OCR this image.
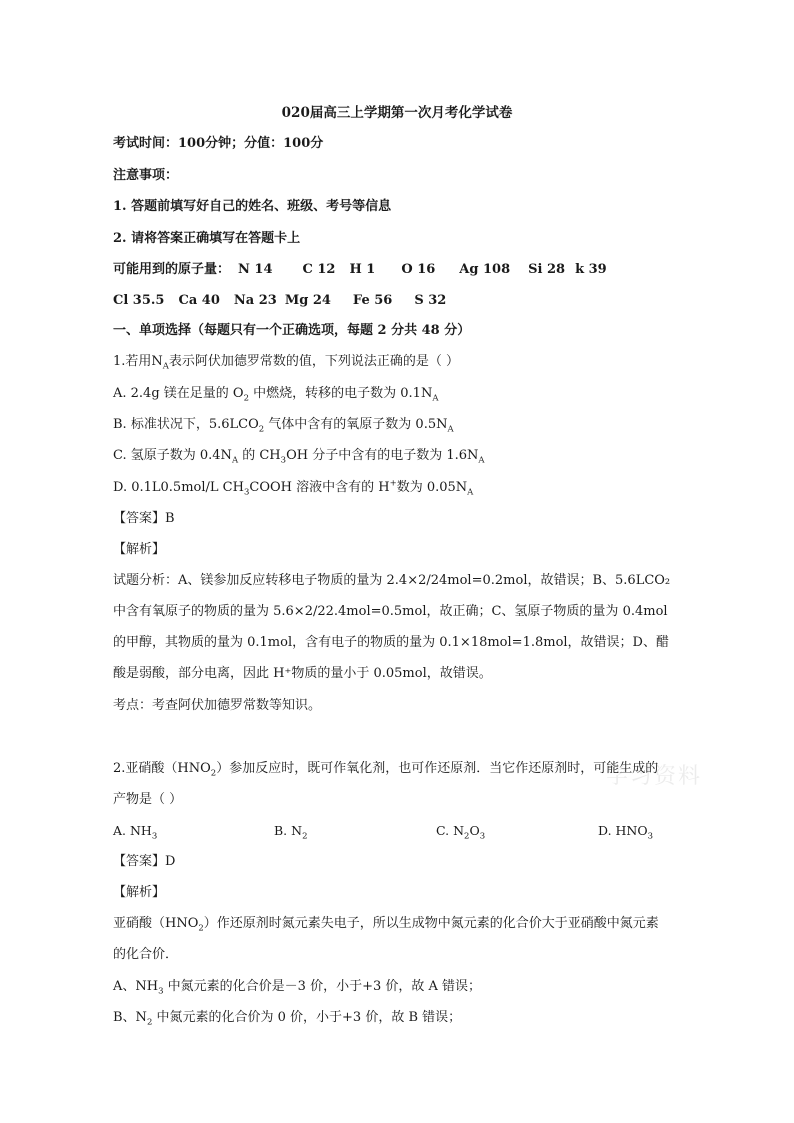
020届高三上学期第一次月考化学试卷
考试时间：100分钟；分值：100分
注意事项：
1. 答题前填写好自己的姓名、班级、考号等信息
2. 请将答案正确填写在答题卡上
可能用到的原子量： N 14 C 12 H 1 O 16 Ag 108 Si 28 k 39
Cl 35.5 Ca 40 Na 23 Mg 24 Fe 56 S 32
一、单项选择（每题只有一个正确选项，每题 2 分共 48 分）
1.若用$N_A$表示阿伏加德罗常数的值，下列说法正确的是（ ）
A. 2.4g 镁在足量的 $O_2$ 中燃烧，转移的电子数为 $0.1N_A$
B. 标准状况下，$5.6LCO_2$ 气体中含有的氧原子数为 $0.5N_A$
C. 氢原子数为 $0.4N_A$ 的 $CH_3OH$ 分子中含有的电子数为 $1.6N_A$
D. 0.1L0.5mol/L $CH_3COOH$ 溶液中含有的 H+数为 $0.05N_A$
【答案】B
【解析】
试题分析：A、镁参加反应转移电子物质的量为 2.4×2/24mol=0.2mol，故错误；B、5.6LCO₂
中含有氧原子的物质的量为 5.6×2/22.4mol=0.5mol，故正确；C、氢原子物质的量为 0.4mol
的甲醇，其物质的量为 0.1mol，含有电子的物质的量为 0.1×18mol=1.8mol，故错误；D、醋
酸是弱酸，部分电离，因此 H⁺物质的量小于 0.05mol，故错误。
考点：考查阿伏加德罗常数等知识。
学习资料
2.亚硝酸$(HNO_2)$参加反应时，既可作氧化剂，也可作还原剂．当它作还原剂时，可能生成的
产物是（ ）
A. $NH_3$	B. $N_2$	C. $N_2O_3$	D. $HNO_3$
【答案】D
【解析】
亚硝酸$(HNO_2)$作还原剂时氮元素失电子，所以生成物中氮元素的化合价大于亚硝酸中氮元素
的化合价．
A、$NH_3$ 中氮元素的化合价是－3 价，小于+3 价，故 A 错误；
B、$N_2$ 中氮元素的化合价为 0 价，小于+3 价，故 B 错误；
